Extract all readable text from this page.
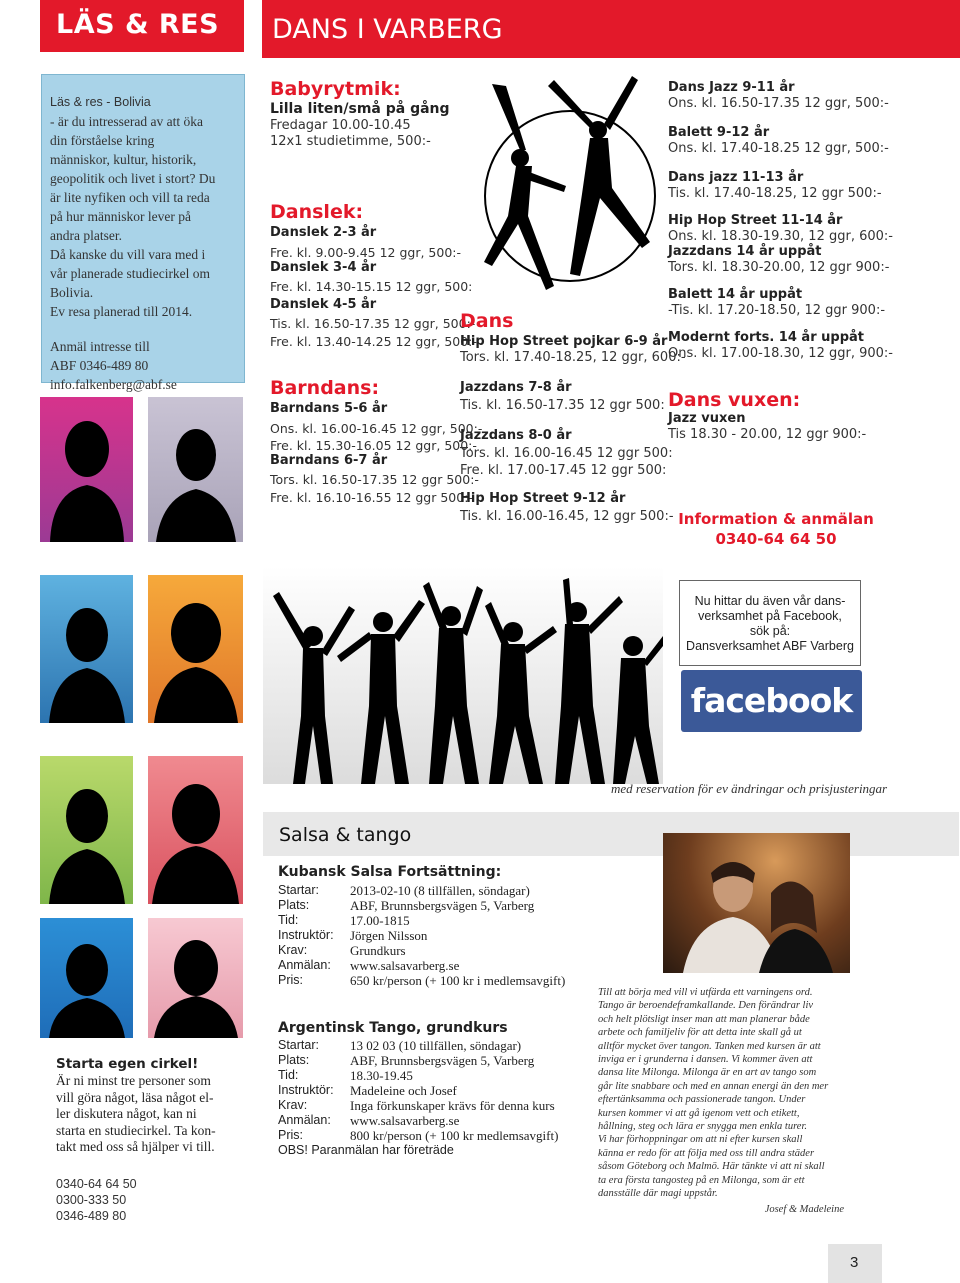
LÄS & RES DANS I VARBERG
Läs & res - Bolivia
- är du intresserad av att öka
din förståelse kring
människor, kultur, historik,
geopolitik och livet i stort? Du
är lite nyfiken och vill ta reda
på hur människor lever på
andra platser.
Då kanske du vill vara med i
vår planerade studiecirkel om
Bolivia.
Ev resa planerad till 2014.
Anmäl intresse till
ABF 0346-489 80
info.falkenberg@abf.se
Babyrytmik:
Lilla liten/små på gång
Fredagar 10.00-10.45
12x1 studietimme, 500:-
Danslek:
Danslek 2-3 år
Fre. kl. 9.00-9.45 12 ggr, 500:-
Danslek 3-4 år
Fre. kl. 14.30-15.15 12 ggr, 500:
Danslek 4-5 år
Tis. kl. 16.50-17.35 12 ggr, 500:-
Fre. kl. 13.40-14.25 12 ggr, 500:-
Barndans:
Barndans 5-6 år
Ons. kl. 16.00-16.45 12 ggr, 500:-
Fre. kl. 15.30-16.05 12 ggr, 500:-
Barndans 6-7 år
Tors. kl. 16.50-17.35 12 ggr 500:-
Fre. kl. 16.10-16.55 12 ggr 500:-
Dans
Hip Hop Street pojkar 6-9 år
Tors. kl. 17.40-18.25, 12 ggr, 600:-
Jazzdans 7-8 år
Tis. kl. 16.50-17.35 12 ggr 500:
Jazzdans 8-0 år
Tors. kl. 16.00-16.45 12 ggr 500:
Fre. kl. 17.00-17.45 12 ggr 500:
Hip Hop Street 9-12 år
Tis. kl. 16.00-16.45, 12 ggr 500:-
Dans Jazz 9-11 år
Ons. kl. 16.50-17.35 12 ggr, 500:-
Balett 9-12 år
Ons. kl. 17.40-18.25 12 ggr, 500:-
Dans jazz 11-13 år
Tis. kl. 17.40-18.25, 12 ggr 500:-
Hip Hop Street 11-14 år
Ons. kl. 18.30-19.30, 12 ggr, 600:-
Jazzdans 14 år uppåt
Tors. kl. 18.30-20.00, 12 ggr 900:-
Balett 14 år uppåt
-Tis. kl. 17.20-18.50, 12 ggr 900:-
Modernt forts. 14 år uppåt
Ons. kl. 17.00-18.30, 12 ggr, 900:-
Dans vuxen:
Jazz vuxen
Tis 18.30 - 20.00, 12 ggr 900:-
Information & anmälan
0340-64 64 50
Nu hittar du även vår dans-
verksamhet på Facebook,
sök på:
Dansverksamhet ABF Varberg
facebook
med reservation för ev ändringar och prisjusteringar
Salsa & tango
Kubansk Salsa Fortsättning:
Startar:	2013-02-10 (8 tillfällen, söndagar)
Plats:	ABF, Brunnsbergsvägen 5, Varberg
Tid:	17.00-1815
Instruktör:	Jörgen Nilsson
Krav:	Grundkurs
Anmälan:	www.salsavarberg.se
Pris:	650 kr/person (+ 100 kr i medlemsavgift)
Argentinsk Tango, grundkurs
Startar:	13 02 03 (10 tillfällen, söndagar)
Plats:	ABF, Brunnsbergsvägen 5, Varberg
Tid:	18.30-19.45
Instruktör:	Madeleine och Josef
Krav:	Inga förkunskaper krävs för denna kurs
Anmälan:	www.salsavarberg.se
Pris:	800 kr/person (+ 100 kr medlemsavgift)
OBS! Paranmälan har företräde
Till att börja med vill vi utfärda ett varningens ord.
Tango är beroendeframkallande. Den förändrar liv
och helt plötsligt inser man att man planerar både
arbete och familjeliv för att detta inte skall gå ut
alltför mycket över tangon. Tanken med kursen är att
inviga er i grunderna i dansen. Vi kommer även att
dansa lite Milonga. Milonga är en art av tango som
går lite snabbare och med en annan energi än den mer
eftertänksamma och passionerade tangon. Under
kursen kommer vi att gå igenom vett och etikett,
hållning, steg och lära er snygga men enkla turer.
Vi har förhoppningar om att ni efter kursen skall
känna er redo för att följa med oss till andra städer
såsom Göteborg och Malmö. Här tänkte vi att ni skall
ta era första tangosteg på en Milonga, som är ett
dansställe där magi uppstår.
Josef & Madeleine
Starta egen cirkel!
Är ni minst tre personer som
vill göra något, läsa något el-
ler diskutera något, kan ni
starta en studiecirkel. Ta kon-
takt med oss så hjälper vi till.
0340-64 64 50
0300-333 50
0346-489 80
3
